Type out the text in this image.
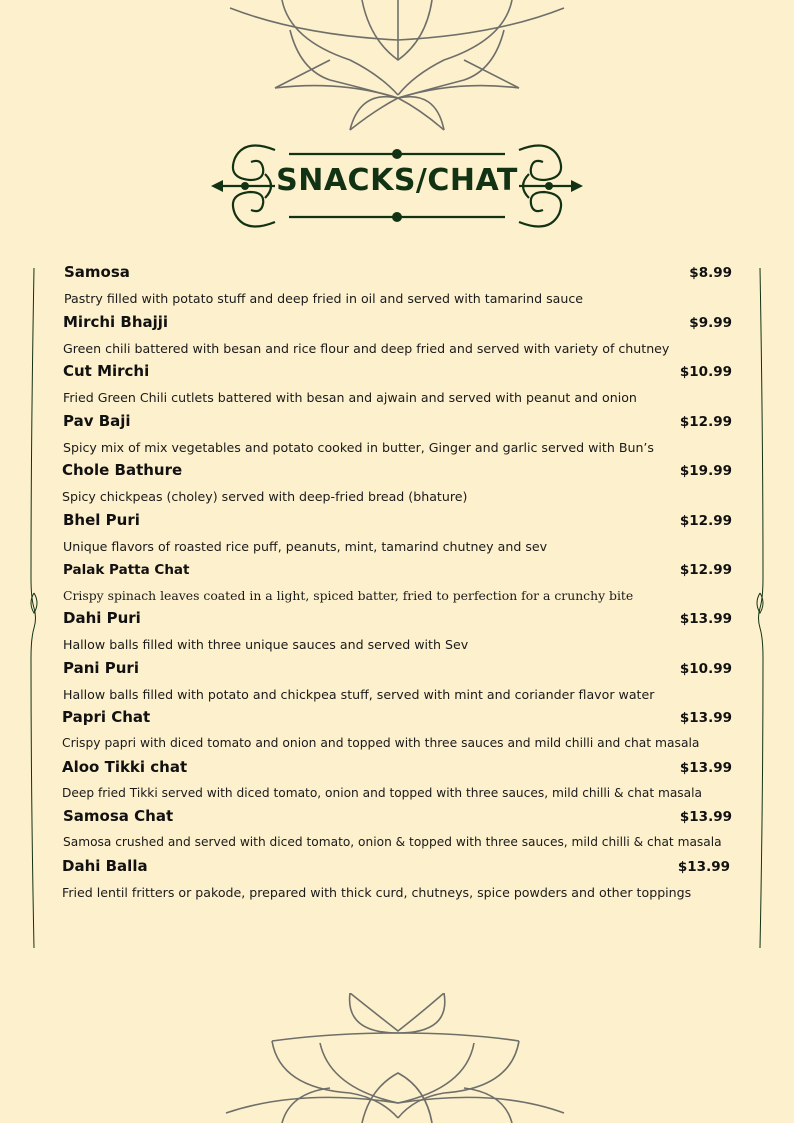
SNACKS/CHAT
Samosa	$8.99
Pastry filled with potato stuff and deep fried in oil and served with tamarind sauce
Mirchi Bhajji	$9.99
Green chili battered with besan and rice flour and deep fried and served with variety of chutney
Cut Mirchi	$10.99
Fried Green Chili cutlets battered with besan and ajwain and served with peanut and onion
Pav Baji	$12.99
Spicy mix of mix vegetables and potato cooked in butter, Ginger and garlic served with Bun’s
Chole Bathure	$19.99
Spicy chickpeas (choley) served with deep-fried bread (bhature)
Bhel Puri	$12.99
Unique flavors of roasted rice puff, peanuts, mint, tamarind chutney and sev
Palak Patta Chat	$12.99
Crispy spinach leaves coated in a light, spiced batter, fried to perfection for a crunchy bite
Dahi Puri	$13.99
Hallow balls filled with three unique sauces and served with Sev
Pani Puri	$10.99
Hallow balls filled with potato and chickpea stuff, served with mint and coriander flavor water
Papri Chat	$13.99
Crispy papri with diced tomato and onion and topped with three sauces and mild chilli and chat masala
Aloo Tikki chat	$13.99
Deep fried Tikki served with diced tomato, onion and topped with three sauces, mild chilli & chat masala
Samosa Chat	$13.99
Samosa crushed and served with diced tomato, onion & topped with three sauces, mild chilli & chat masala
Dahi Balla	$13.99
Fried lentil fritters or pakode, prepared with thick curd, chutneys, spice powders and other toppings
